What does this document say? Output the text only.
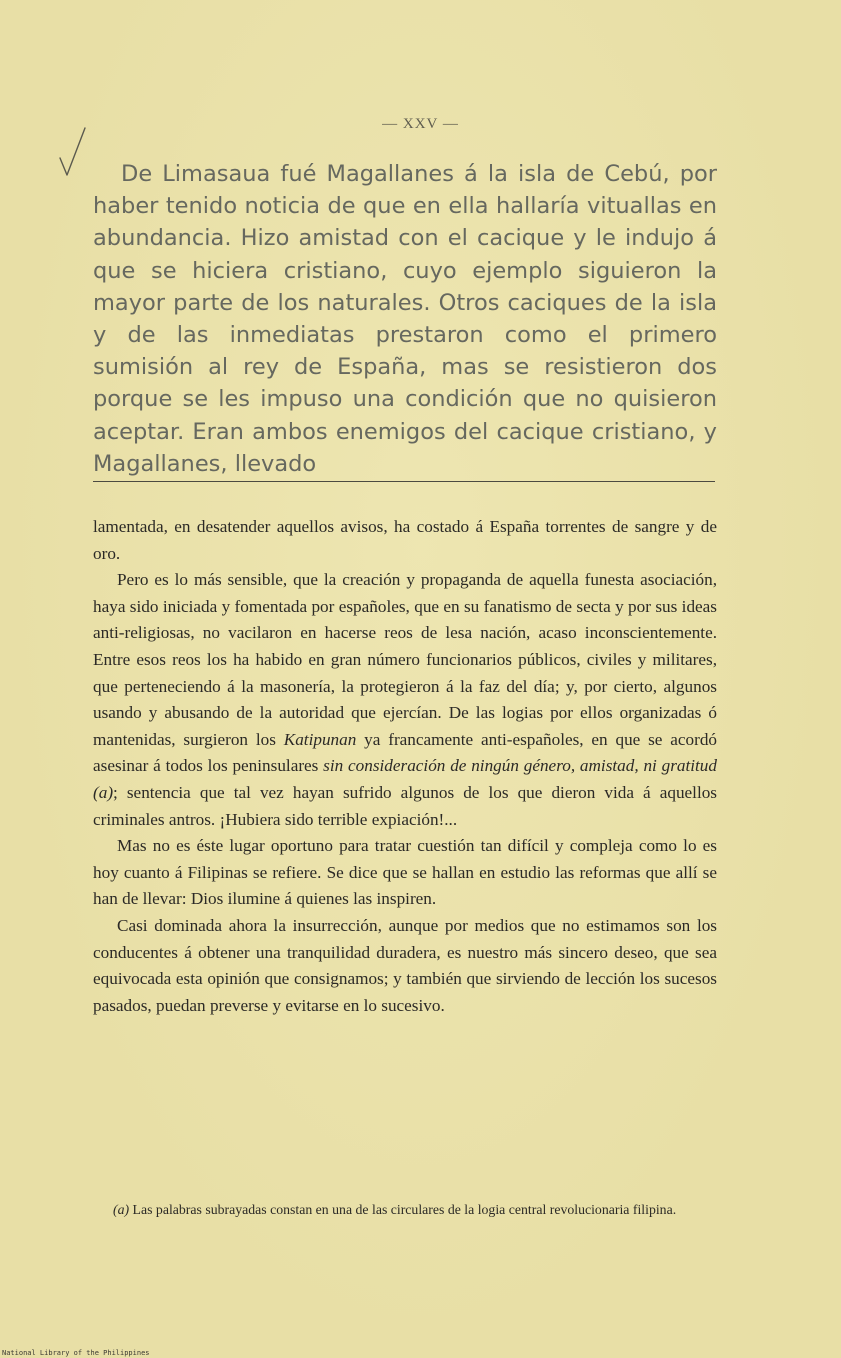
— XXV —

De Limasaua fué Magallanes á la isla de Cebú, por haber tenido noticia de que en ella hallaría vituallas en abundancia. Hizo amistad con el cacique y le indujo á que se hiciera cristiano, cuyo ejemplo siguieron la mayor parte de los naturales. Otros caciques de la isla y de las inmediatas prestaron como el primero sumisión al rey de España, mas se resistieron dos porque se les impuso una condición que no quisieron aceptar. Eran ambos enemigos del cacique cristiano, y Magallanes, llevado

lamentada, en desatender aquellos avisos, ha costado á España torrentes de sangre y de oro.

Pero es lo más sensible, que la creación y propaganda de aquella funesta asociación, haya sido iniciada y fomentada por españoles, que en su fanatismo de secta y por sus ideas anti-religiosas, no vacilaron en hacerse reos de lesa nación, acaso inconscientemente. Entre esos reos los ha habido en gran número funcionarios públicos, civiles y militares, que perteneciendo á la masonería, la protegieron á la faz del día; y, por cierto, algunos usando y abusando de la autoridad que ejercían. De las logias por ellos organizadas ó mantenidas, surgieron los Katipunan ya francamente anti-españoles, en que se acordó asesinar á todos los peninsulares sin consideración de ningún género, amistad, ni gratitud (a); sentencia que tal vez hayan sufrido algunos de los que dieron vida á aquellos criminales antros. ¡Hubiera sido terrible expiación!...

Mas no es éste lugar oportuno para tratar cuestión tan difícil y compleja como lo es hoy cuanto á Filipinas se refiere. Se dice que se hallan en estudio las reformas que allí se han de llevar: Dios ilumine á quienes las inspiren.

Casi dominada ahora la insurrección, aunque por medios que no estimamos son los conducentes á obtener una tranquilidad duradera, es nuestro más sincero deseo, que sea equivocada esta opinión que consignamos; y también que sirviendo de lección los sucesos pasados, puedan preverse y evitarse en lo sucesivo.

(a) Las palabras subrayadas constan en una de las circulares de la logia central revolucionaria filipina.

National Library of the Philippines
